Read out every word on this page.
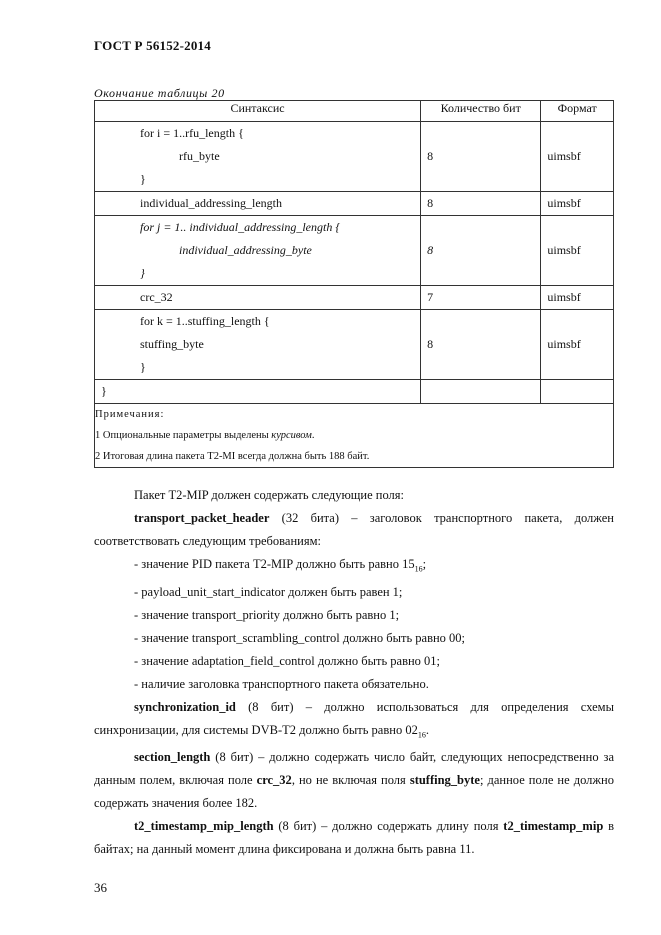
ГОСТ Р 56152-2014
Окончание таблицы 20
Синтаксис	Количество бит	Формат

for i = 1..rfu_length {
rfu_byte
}	8	uimsbf

individual_addressing_length	8	uimsbf

for j = 1.. individual_addressing_length {
individual_addressing_byte
}	8	uimsbf

crc_32	7	uimsbf

for k = 1..stuffing_length {
stuffing_byte
}	8	uimsbf

}		

Примечания:
1 Опциональные параметры выделены курсивом.
2 Итоговая длина пакета T2-MI всегда должна быть 188 байт.		

Пакет T2-MIP должен содержать следующие поля:

transport_packet_header (32 бита) – заголовок транспортного пакета, должен соответствовать следующим требованиям:

- значение PID пакета T2-MIP должно быть равно $15_{16}$;

- payload_unit_start_indicator должен быть равен 1;

- значение transport_priority должно быть равно 1;

- значение transport_scrambling_control должно быть равно 00;

- значение adaptation_field_control должно быть равно 01;

- наличие заголовка транспортного пакета обязательно.

synchronization_id (8 бит) – должно использоваться для определения схемы синхронизации, для системы DVB-T2 должно быть равно $02_{16}$.

section_length (8 бит) – должно содержать число байт, следующих непосредственно за данным полем, включая поле crc_32, но не включая поля stuffing_byte; данное поле не должно содержать значения более 182.

t2_timestamp_mip_length (8 бит) – должно содержать длину поля t2_timestamp_mip в байтах; на данный момент длина фиксирована и должна быть равна 11.

36
